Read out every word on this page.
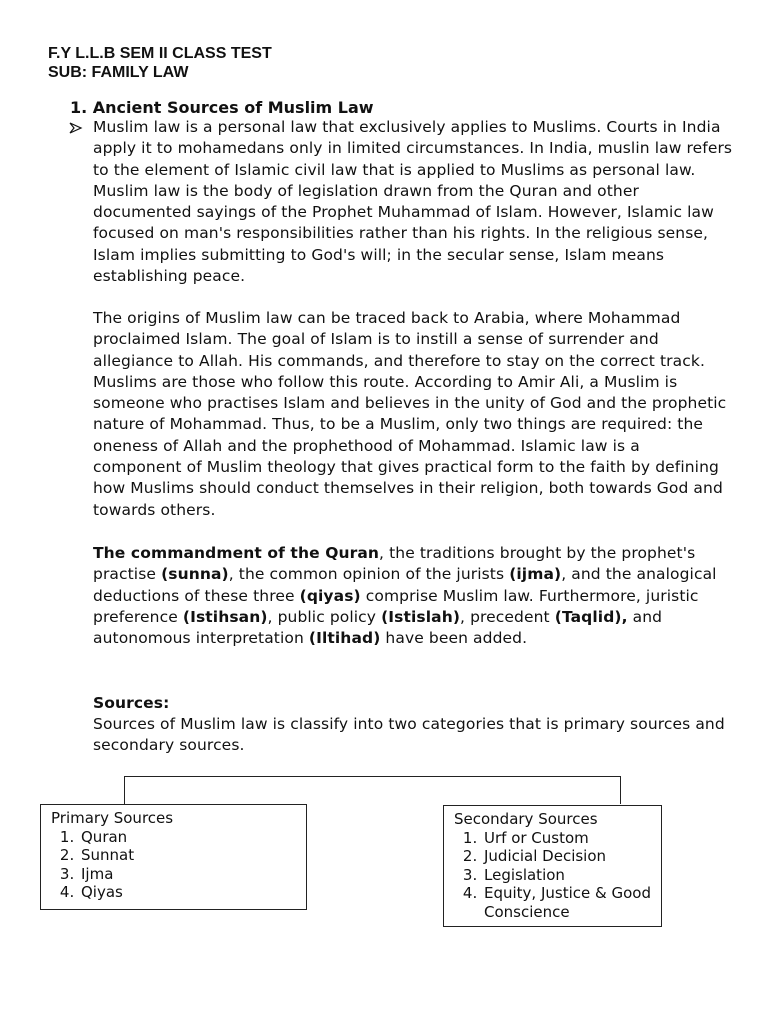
F.Y L.L.B SEM II CLASS TEST
SUB: FAMILY LAW
1. Ancient Sources of Muslim Law
Muslim law is a personal law that exclusively applies to Muslims. Courts in India apply it to mohamedans only in limited circumstances. In India, muslin law refers to the element of Islamic civil law that is applied to Muslims as personal law. Muslim law is the body of legislation drawn from the Quran and other documented sayings of the Prophet Muhammad of Islam. However, Islamic law focused on man's responsibilities rather than his rights. In the religious sense, Islam implies submitting to God's will; in the secular sense, Islam means establishing peace.
The origins of Muslim law can be traced back to Arabia, where Mohammad proclaimed Islam. The goal of Islam is to instill a sense of surrender and allegiance to Allah. His commands, and therefore to stay on the correct track. Muslims are those who follow this route. According to Amir Ali, a Muslim is someone who practises Islam and believes in the unity of God and the prophetic nature of Mohammad. Thus, to be a Muslim, only two things are required: the oneness of Allah and the prophethood of Mohammad. Islamic law is a component of Muslim theology that gives practical form to the faith by defining how Muslims should conduct themselves in their religion, both towards God and towards others.
The commandment of the Quran, the traditions brought by the prophet's practise (sunna), the common opinion of the jurists (ijma), and the analogical deductions of these three (qiyas) comprise Muslim law. Furthermore, juristic preference (Istihsan), public policy (Istislah), precedent (Taqlid), and autonomous interpretation (Iltihad) have been added.
Sources:
Sources of Muslim law is classify into two categories that is primary sources and secondary sources.
Primary Sources
1. Quran
2. Sunnat
3. Ijma
4. Qiyas
Secondary Sources
1. Urf or Custom
2. Judicial Decision
3. Legislation
4. Equity, Justice & Good Conscience
